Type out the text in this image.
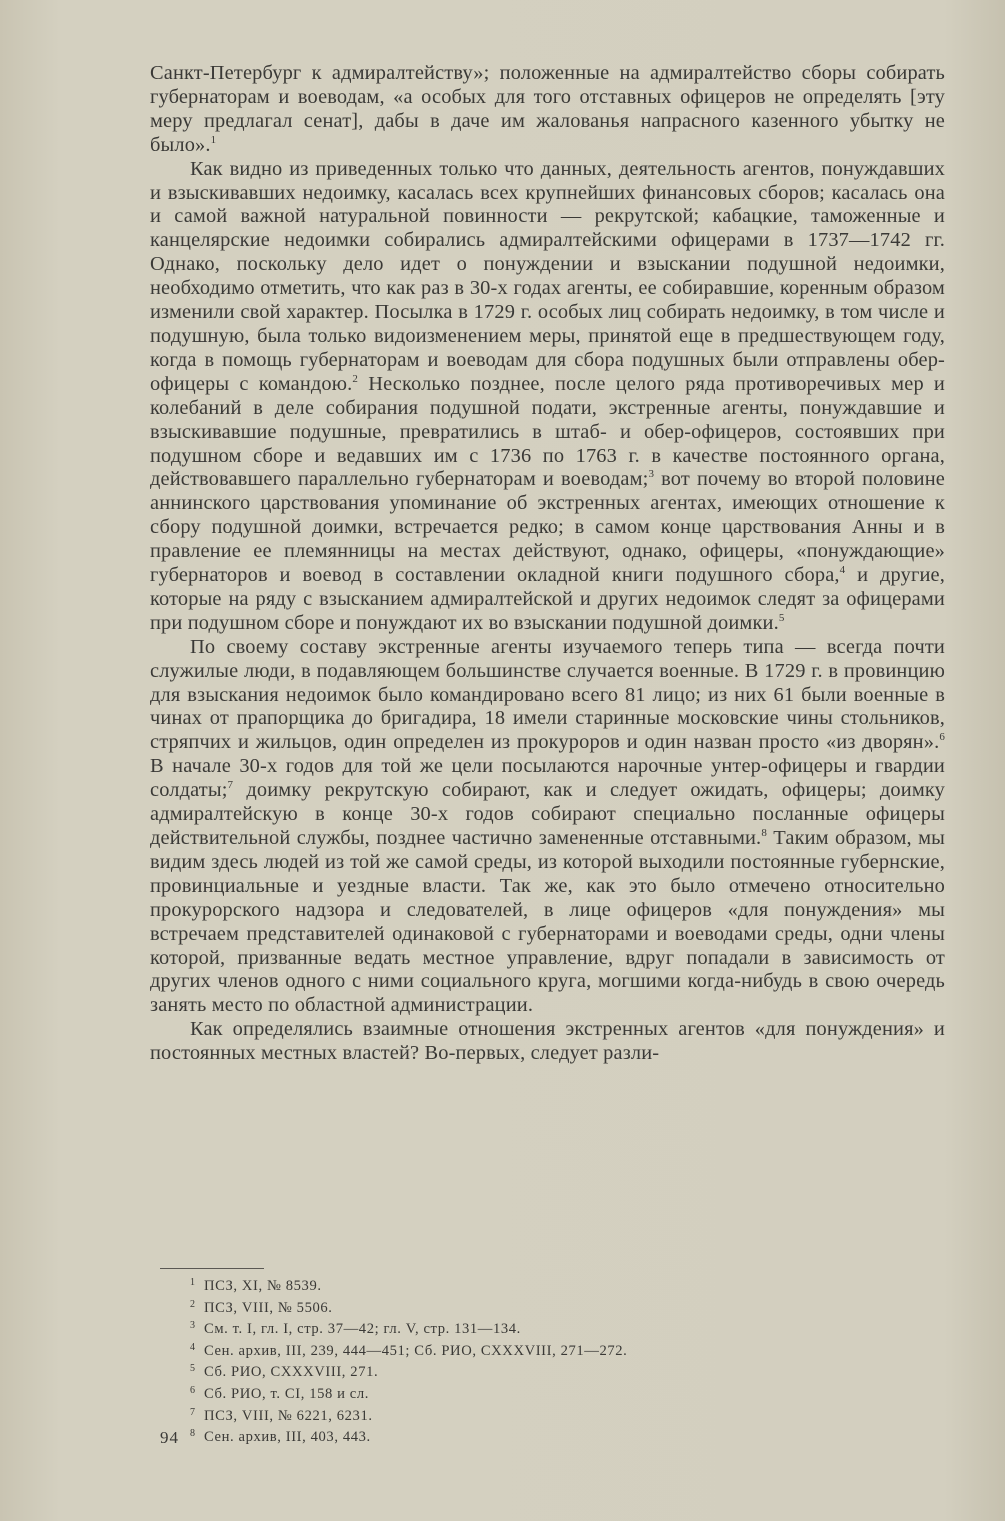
Санкт-Петербург к адмиралтейству»; положенные на адмиралтейство сборы собирать губернаторам и воеводам, «а особых для того отставных офицеров не определять [эту меру предлагал сенат], дабы в даче им жалованья напрасного казенного убытку не было».$^1$

Как видно из приведенных только что данных, деятельность агентов, понуждавших и взыскивавших недоимку, касалась всех крупнейших финансовых сборов; касалась она и самой важной натуральной повинности — рекрутской; кабацкие, таможенные и канцелярские недоимки собирались адмиралтейскими офицерами в 1737—1742 гг. Однако, поскольку дело идет о понуждении и взыскании подушной недоимки, необходимо отметить, что как раз в 30-х годах агенты, ее собиравшие, коренным образом изменили свой характер. Посылка в 1729 г. особых лиц собирать недоимку, в том числе и подушную, была только видоизменением меры, принятой еще в предшествующем году, когда в помощь губернаторам и воеводам для сбора подушных были отправлены обер-офицеры с командою.$^2$ Несколько позднее, после целого ряда противоречивых мер и колебаний в деле собирания подушной подати, экстренные агенты, понуждавшие и взыскивавшие подушные, превратились в штаб- и обер-офицеров, состоявших при подушном сборе и ведавших им с 1736 по 1763 г. в качестве постоянного органа, действовавшего параллельно губернаторам и воеводам;$^3$ вот почему во второй половине аннинского царствования упоминание об экстренных агентах, имеющих отношение к сбору подушной доимки, встречается редко; в самом конце царствования Анны и в правление ее племянницы на местах действуют, однако, офицеры, «понуждающие» губернаторов и воевод в составлении окладной книги подушного сбора,$^4$ и другие, которые на ряду с взысканием адмиралтейской и других недоимок следят за офицерами при подушном сборе и понуждают их во взыскании подушной доимки.$^5$

По своему составу экстренные агенты изучаемого теперь типа — всегда почти служилые люди, в подавляющем большинстве случается военные. В 1729 г. в провинцию для взыскания недоимок было командировано всего 81 лицо; из них 61 были военные в чинах от прапорщика до бригадира, 18 имели старинные московские чины стольников, стряпчих и жильцов, один определен из прокуроров и один назван просто «из дворян».$^6$ В начале 30-х годов для той же цели посылаются нарочные унтер-офицеры и гвардии солдаты;$^7$ доимку рекрутскую собирают, как и следует ожидать, офицеры; доимку адмиралтейскую в конце 30-х годов собирают специально посланные офицеры действительной службы, позднее частично замененные отставными.$^8$ Таким образом, мы видим здесь людей из той же самой среды, из которой выходили постоянные губернские, провинциальные и уездные власти. Так же, как это было отмечено относительно прокурорского надзора и следователей, в лице офицеров «для понуждения» мы встречаем представителей одинаковой с губернаторами и воеводами среды, одни члены которой, призванные ведать местное управление, вдруг попадали в зависимость от других членов одного с ними социального круга, могшими когда-нибудь в свою очередь занять место по областной администрации.

Как определялись взаимные отношения экстренных агентов «для понуждения» и постоянных местных властей? Во-первых, следует разли-

1 ПСЗ, XI, № 8539.

2 ПСЗ, VIII, № 5506.

3 См. т. I, гл. I, стр. 37—42; гл. V, стр. 131—134.

4 Сен. архив, III, 239, 444—451; Сб. РИО, CXXXVIII, 271—272.

5 Сб. РИО, CXXXVIII, 271.

6 Сб. РИО, т. CI, 158 и сл.

7 ПСЗ, VIII, № 6221, 6231.

8 Сен. архив, III, 403, 443.

94
